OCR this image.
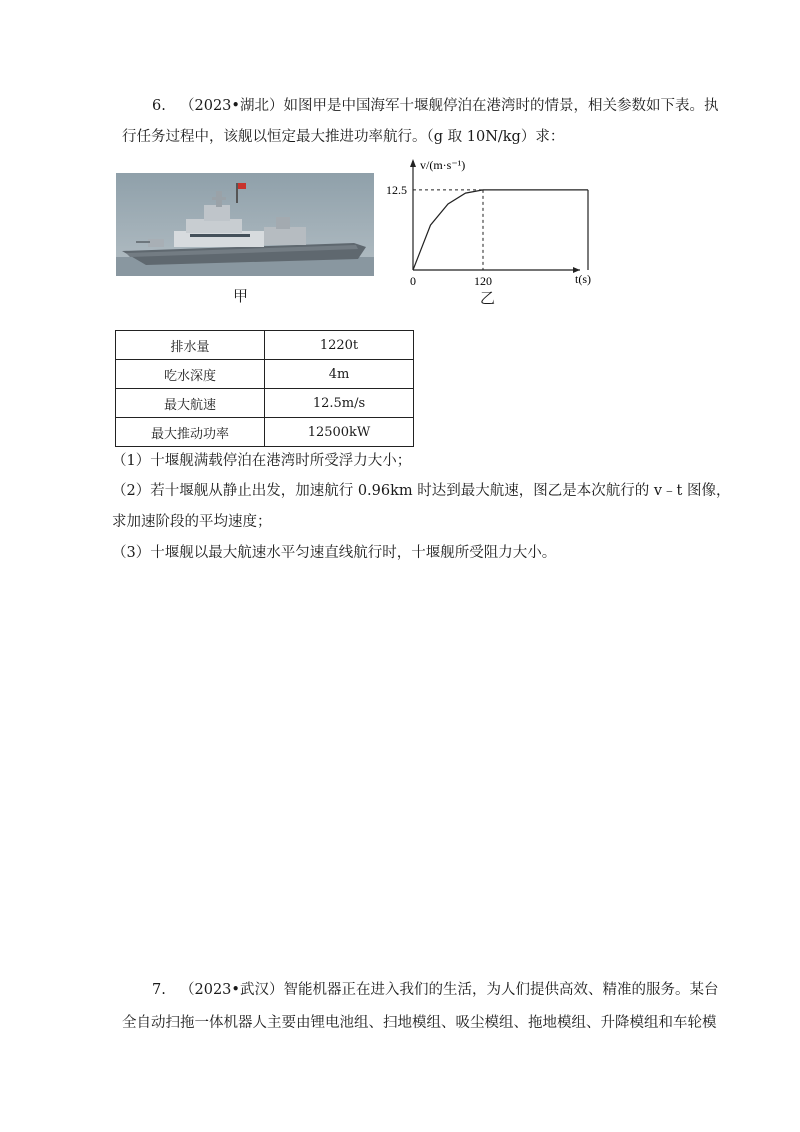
6. （2023•湖北）如图甲是中国海军十堰舰停泊在港湾时的情景，相关参数如下表。执
行任务过程中，该舰以恒定最大推进功率航行。（g 取 10N/kg）求：
甲
v/(m·s⁻¹)
12.5
120
0	t(s)
乙
排水量	1220t
吃水深度	4m
最大航速	12.5m/s
最大推动功率	12500kW
（1）十堰舰满载停泊在港湾时所受浮力大小；
（2）若十堰舰从静止出发，加速航行 0.96km 时达到最大航速，图乙是本次航行的 v﹣t 图像，
求加速阶段的平均速度；
（3）十堰舰以最大航速水平匀速直线航行时，十堰舰所受阻力大小。
7. （2023•武汉）智能机器正在进入我们的生活，为人们提供高效、精准的服务。某台
全自动扫拖一体机器人主要由锂电池组、扫地模组、吸尘模组、拖地模组、升降模组和车轮模
